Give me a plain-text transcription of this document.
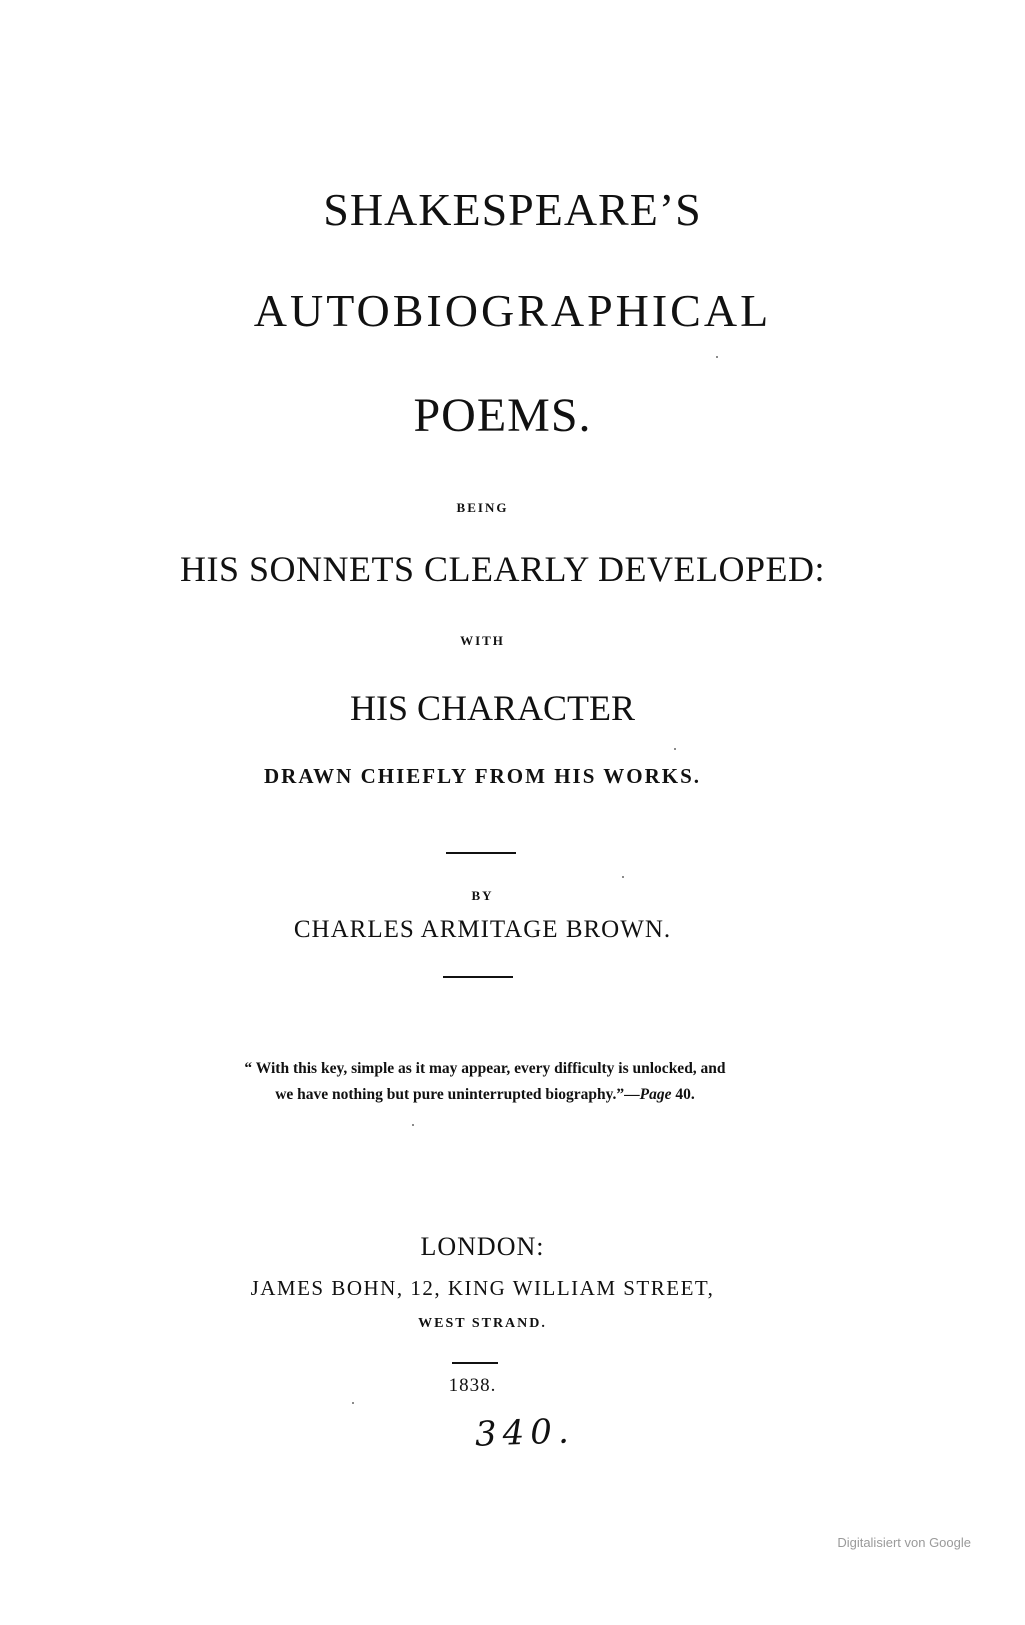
SHAKESPEARE’S

AUTOBIOGRAPHICAL

POEMS.

BEING

HIS SONNETS CLEARLY DEVELOPED:

WITH

HIS CHARACTER

DRAWN CHIEFLY FROM HIS WORKS.

BY

CHARLES ARMITAGE BROWN.

“ With this key, simple as it may appear, every difficulty is unlocked, and
we have nothing but pure uninterrupted biography.”—Page 40.

LONDON:

JAMES BOHN, 12, KING WILLIAM STREET,

WEST STRAND.

1838.

340.
Digitalisiert von Google
